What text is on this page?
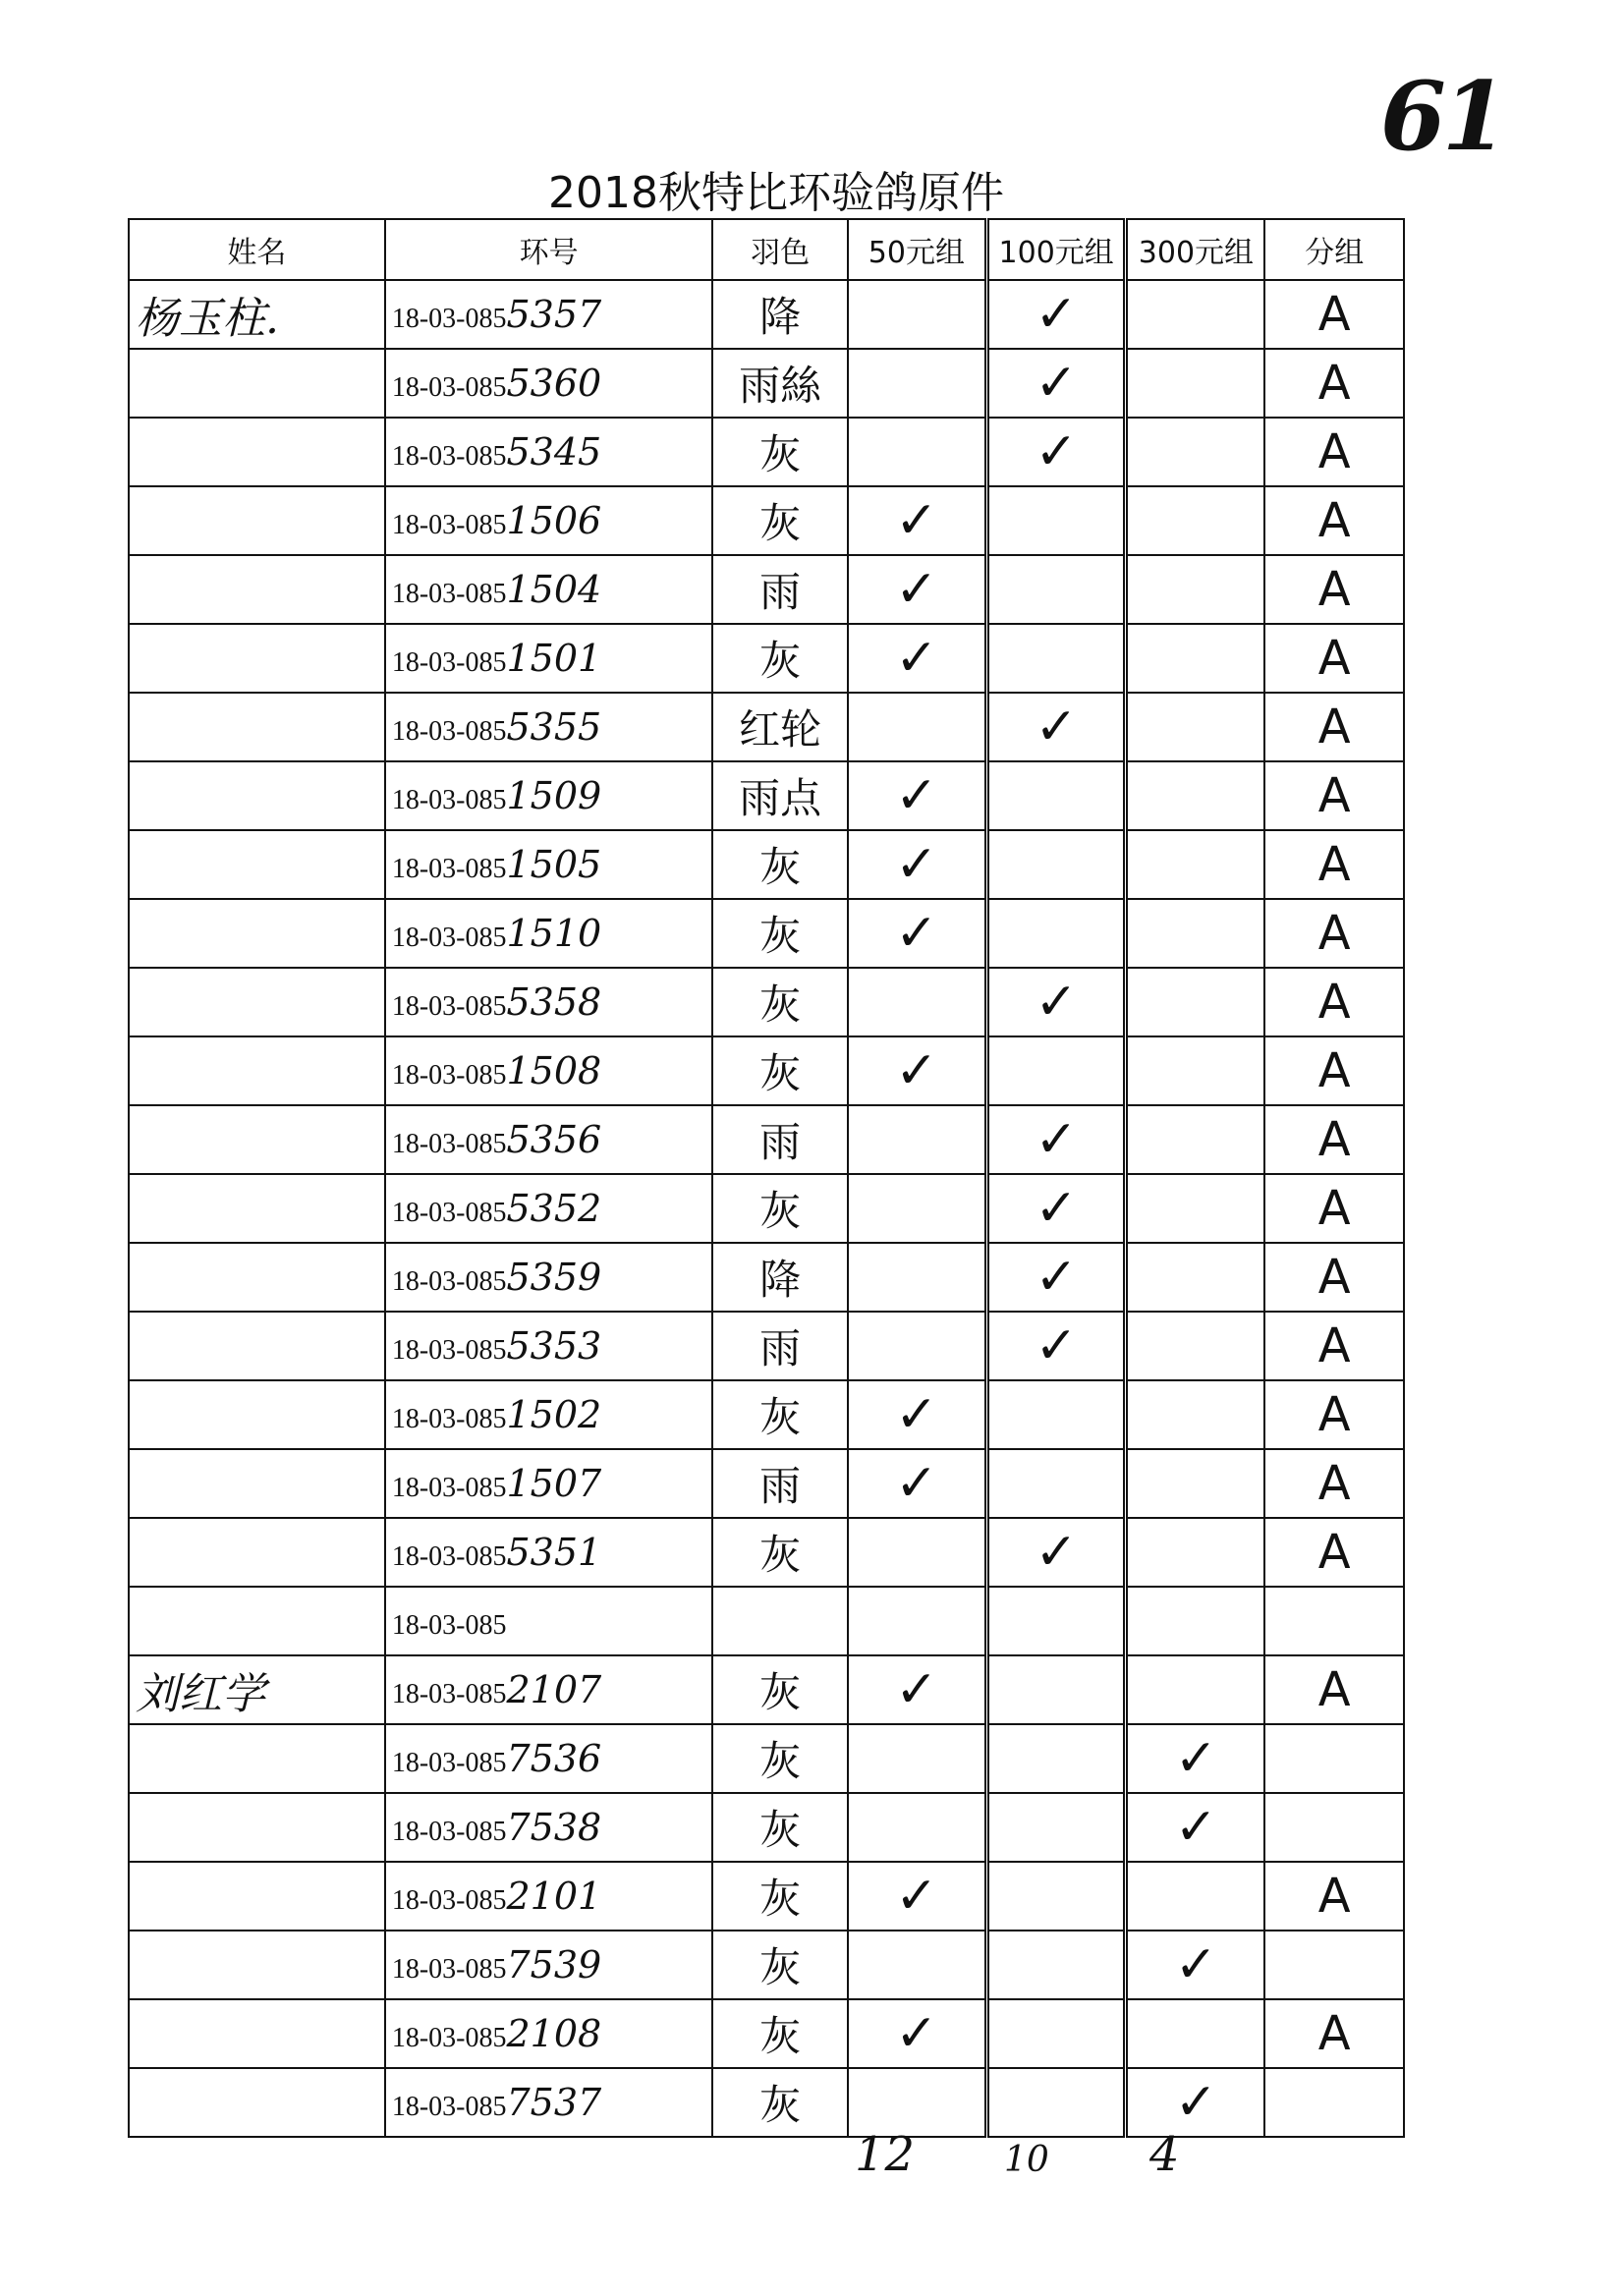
61
2018秋特比环验鸽原件
姓名	环号	羽色	50元组	100元组	300元组	分组
杨玉柱.	18-03-0855357	降		✓		A
	18-03-0855360	雨絲		✓		A
	18-03-0855345	灰		✓		A
	18-03-0851506	灰	✓			A
	18-03-0851504	雨	✓			A
	18-03-0851501	灰	✓			A
	18-03-0855355	红轮		✓		A
	18-03-0851509	雨点	✓			A
	18-03-0851505	灰	✓			A
	18-03-0851510	灰	✓			A
	18-03-0855358	灰		✓		A
	18-03-0851508	灰	✓			A
	18-03-0855356	雨		✓		A
	18-03-0855352	灰		✓		A
	18-03-0855359	降		✓		A
	18-03-0855353	雨		✓		A
	18-03-0851502	灰	✓			A
	18-03-0851507	雨	✓			A
	18-03-0855351	灰		✓		A
	18-03-085					
刘红学	18-03-0852107	灰	✓			A
	18-03-0857536	灰			✓	
	18-03-0857538	灰			✓	
	18-03-0852101	灰	✓			A
	18-03-0857539	灰			✓	
	18-03-0852108	灰	✓			A
	18-03-0857537	灰			✓	
12	10 4
